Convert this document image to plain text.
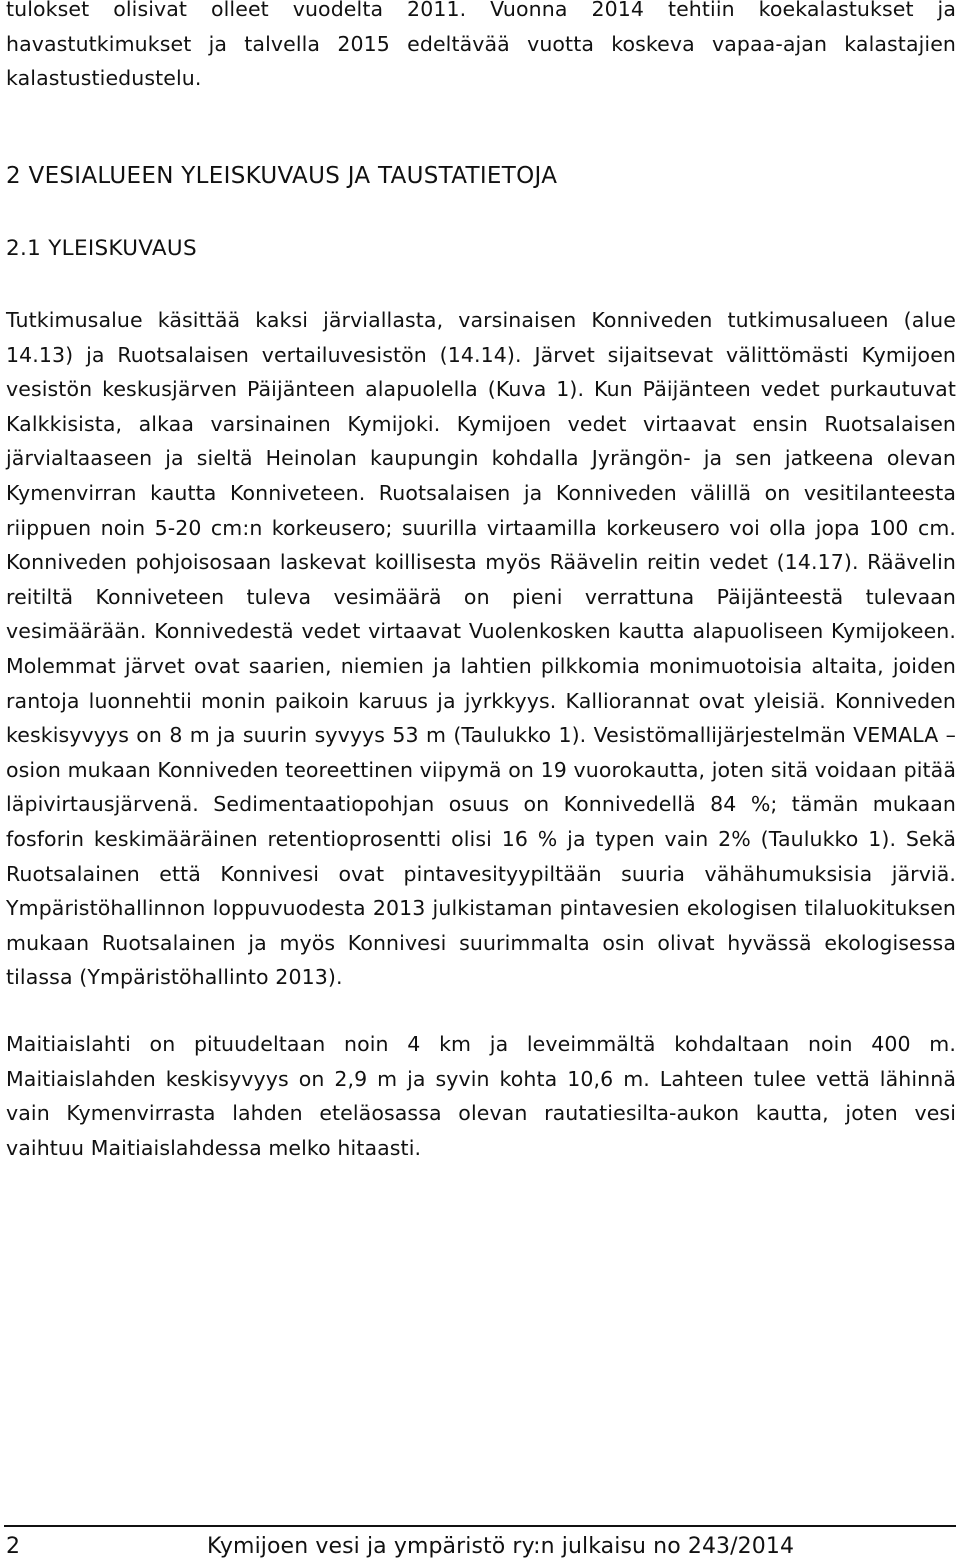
tulokset olisivat olleet vuodelta 2011. Vuonna 2014 tehtiin koekalastukset ja havastutkimukset ja talvella 2015 edeltävää vuotta koskeva vapaa-ajan kalastajien kalastustiedustelu.

2 VESIALUEEN YLEISKUVAUS JA TAUSTATIETOJA
2.1 YLEISKUVAUS

Tutkimusalue käsittää kaksi järviallasta, varsinaisen Konniveden tutkimusalueen (alue 14.13) ja Ruotsalaisen vertailuvesistön (14.14). Järvet sijaitsevat välittömästi Kymijoen vesistön keskusjärven Päijänteen alapuolella (Kuva 1). Kun Päijänteen vedet purkautuvat Kalkkisista, alkaa varsinainen Kymijoki. Kymijoen vedet virtaavat ensin Ruotsalaisen järvialtaaseen ja sieltä Heinolan kaupungin kohdalla Jyrängön- ja sen jatkeena olevan Kymenvirran kautta Konniveteen. Ruotsalaisen ja Konniveden välillä on vesitilanteesta riippuen noin 5-20 cm:n korkeusero; suurilla virtaamilla korkeusero voi olla jopa 100 cm. Konniveden pohjoisosaan laskevat koillisesta myös Räävelin reitin vedet (14.17). Räävelin reitiltä Konniveteen tuleva vesimäärä on pieni verrattuna Päijänteestä tulevaan vesimäärään. Konnivedestä vedet virtaavat Vuolenkosken kautta alapuoliseen Kymijokeen. Molemmat järvet ovat saarien, niemien ja lahtien pilkkomia monimuotoisia altaita, joiden rantoja luonnehtii monin paikoin karuus ja jyrkkyys. Kalliorannat ovat yleisiä. Konniveden keskisyvyys on 8 m ja suurin syvyys 53 m (Taulukko 1). Vesistömallijärjestelmän VEMALA –osion mukaan Konniveden teoreettinen viipymä on 19 vuorokautta, joten sitä voidaan pitää läpivirtausjärvenä. Sedimentaatiopohjan osuus on Konnivedellä 84 %; tämän mukaan fosforin keskimääräinen retentioprosentti olisi 16 % ja typen vain 2% (Taulukko 1). Sekä Ruotsalainen että Konnivesi ovat pintavesityypiltään suuria vähähumuksisia järviä. Ympäristöhallinnon loppuvuodesta 2013 julkistaman pintavesien ekologisen tilaluokituksen mukaan Ruotsalainen ja myös Konnivesi suurimmalta osin olivat hyvässä ekologisessa tilassa (Ympäristöhallinto 2013).

Maitiaislahti on pituudeltaan noin 4 km ja leveimmältä kohdaltaan noin 400 m. Maitiaislahden keskisyvyys on 2,9 m ja syvin kohta 10,6 m. Lahteen tulee vettä lähinnä vain Kymenvirrasta lahden eteläosassa olevan rautatiesilta-aukon kautta, joten vesi vaihtuu Maitiaislahdessa melko hitaasti.

2	Kymijoen vesi ja ympäristö ry:n julkaisu no 243/2014
